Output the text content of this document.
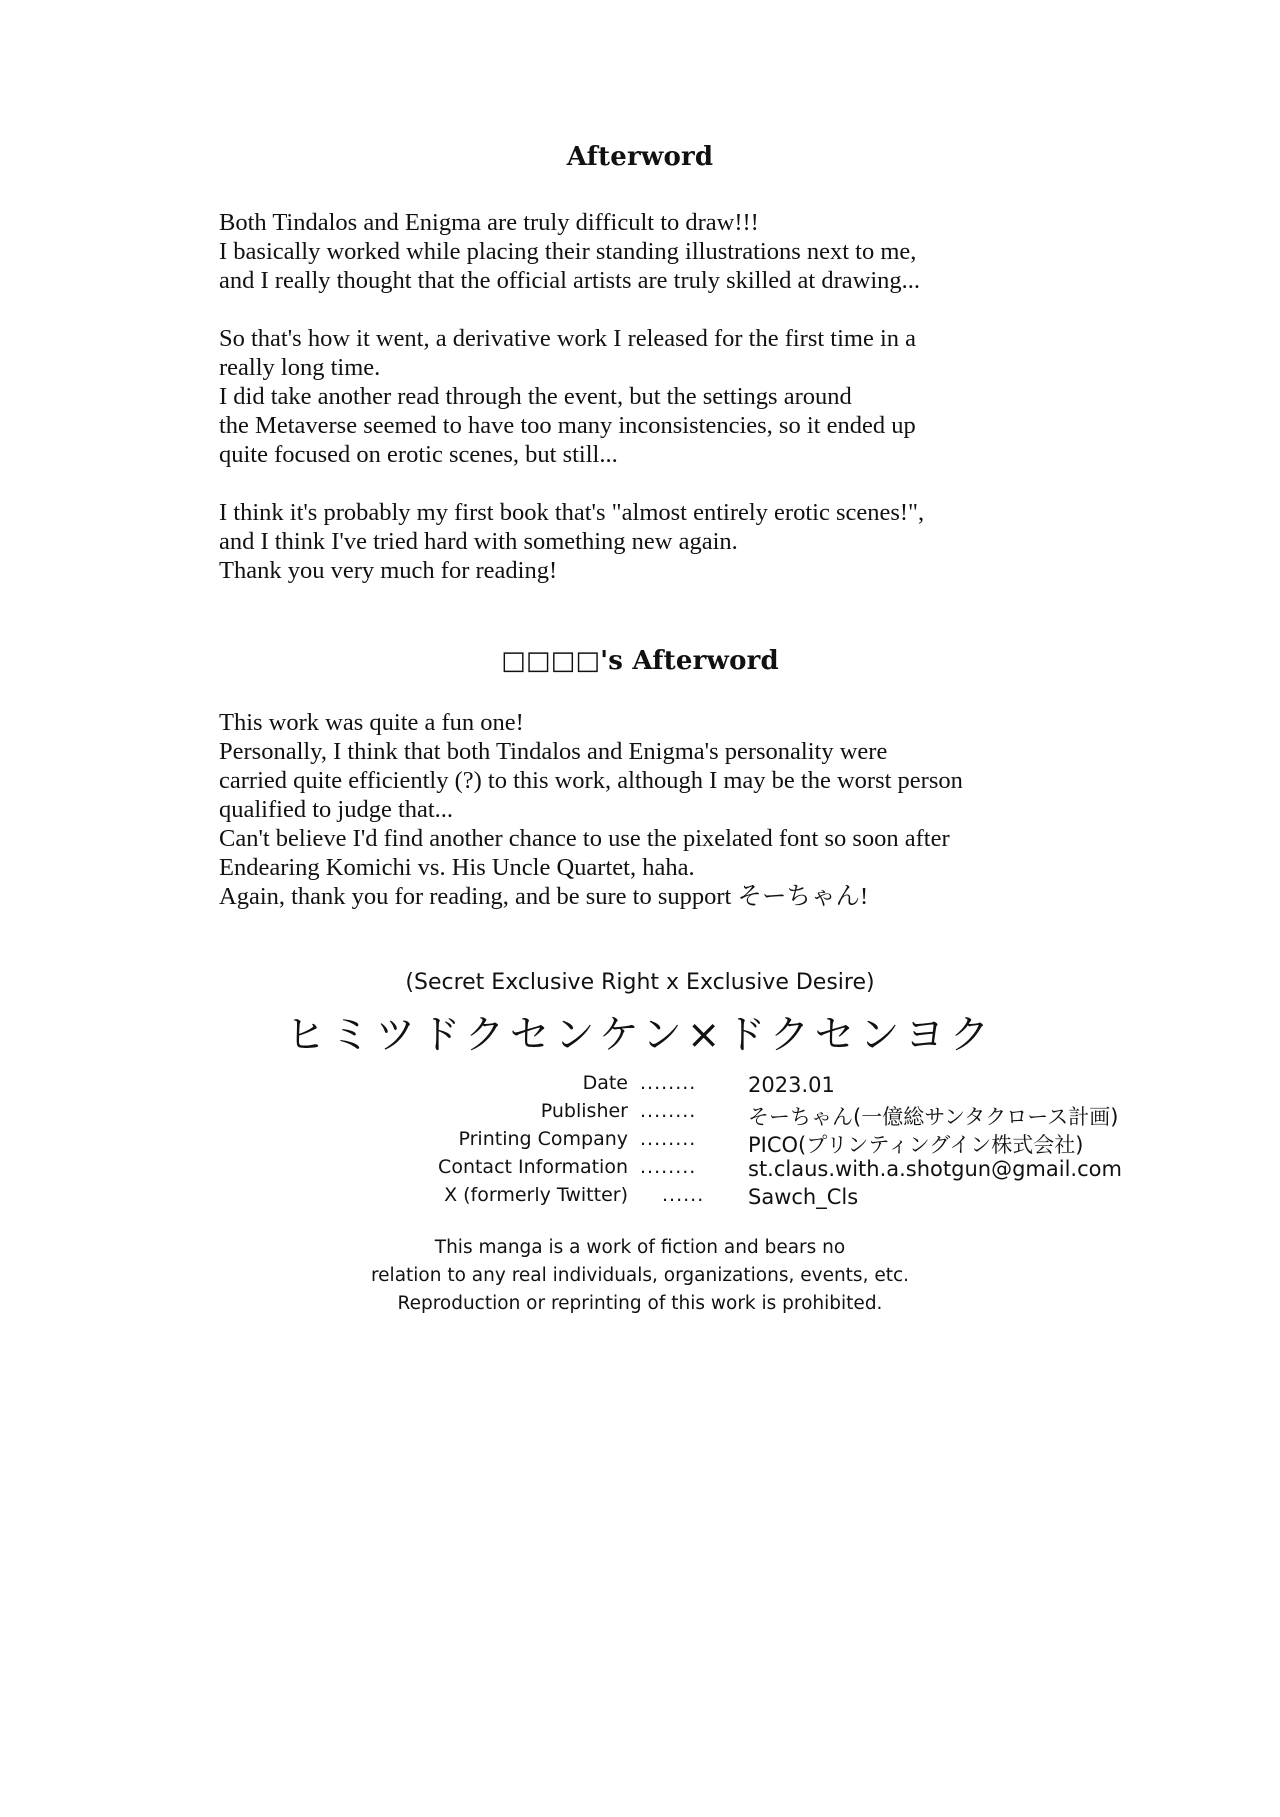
Afterword
Both Tindalos and Enigma are truly difficult to draw!!!
I basically worked while placing their standing illustrations next to me,
and I really thought that the official artists are truly skilled at drawing...
So that's how it went, a derivative work I released for the first time in a
really long time.
I did take another read through the event, but the settings around
the Metaverse seemed to have too many inconsistencies, so it ended up
quite focused on erotic scenes, but still...
I think it's probably my first book that's "almost entirely erotic scenes!",
and I think I've tried hard with something new again.
Thank you very much for reading!
□□□□'s Afterword
This work was quite a fun one!
Personally, I think that both Tindalos and Enigma's personality were
carried quite efficiently (?) to this work, although I may be the worst person
qualified to judge that...
Can't believe I'd find another chance to use the pixelated font so soon after
Endearing Komichi vs. His Uncle Quartet, haha.
Again, thank you for reading, and be sure to support そーちゃん!
(Secret Exclusive Right x Exclusive Desire)
ヒミツドクセンケン×ドクセンヨク
Date ........ 2023.01
Publisher ........ そーちゃん(一億総サンタクロース計画)
Printing Company ........ PICO(プリンティングイン株式会社)
Contact Information ........ st.claus.with.a.shotgun@gmail.com
X (formerly Twitter) ...... Sawch_Cls
This manga is a work of fiction and bears no
relation to any real individuals, organizations, events, etc.
Reproduction or reprinting of this work is prohibited.
